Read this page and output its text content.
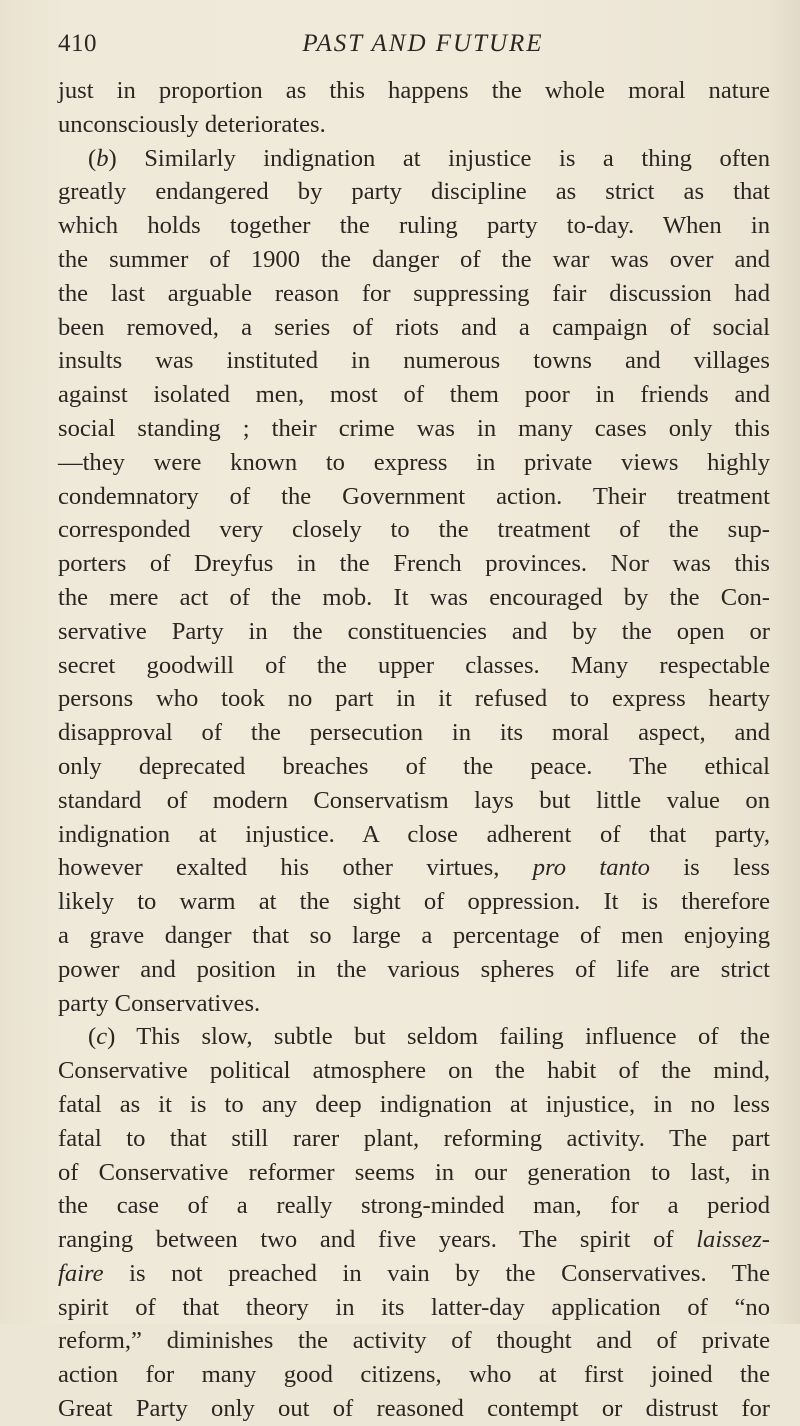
410	PAST AND FUTURE
just in proportion as this happens the whole moral nature
unconsciously deteriorates.
(b) Similarly indignation at injustice is a thing often
greatly endangered by party discipline as strict as that
which holds together the ruling party to-day. When in
the summer of 1900 the danger of the war was over and
the last arguable reason for suppressing fair discussion had
been removed, a series of riots and a campaign of social
insults was instituted in numerous towns and villages
against isolated men, most of them poor in friends and
social standing ; their crime was in many cases only this
—they were known to express in private views highly
condemnatory of the Government action. Their treatment
corresponded very closely to the treatment of the sup-
porters of Dreyfus in the French provinces. Nor was this
the mere act of the mob. It was encouraged by the Con-
servative Party in the constituencies and by the open or
secret goodwill of the upper classes. Many respectable
persons who took no part in it refused to express hearty
disapproval of the persecution in its moral aspect, and
only deprecated breaches of the peace. The ethical
standard of modern Conservatism lays but little value on
indignation at injustice. A close adherent of that party,
however exalted his other virtues, pro tanto is less
likely to warm at the sight of oppression. It is therefore
a grave danger that so large a percentage of men enjoying
power and position in the various spheres of life are strict
party Conservatives.
(c) This slow, subtle but seldom failing influence of the
Conservative political atmosphere on the habit of the mind,
fatal as it is to any deep indignation at injustice, in no less
fatal to that still rarer plant, reforming activity. The part
of Conservative reformer seems in our generation to last, in
the case of a really strong-minded man, for a period
ranging between two and five years. The spirit of laissez-
faire is not preached in vain by the Conservatives. The
spirit of that theory in its latter-day application of “no
reform,” diminishes the activity of thought and of private
action for many good citizens, who at first joined the
Great Party only out of reasoned contempt or distrust for
